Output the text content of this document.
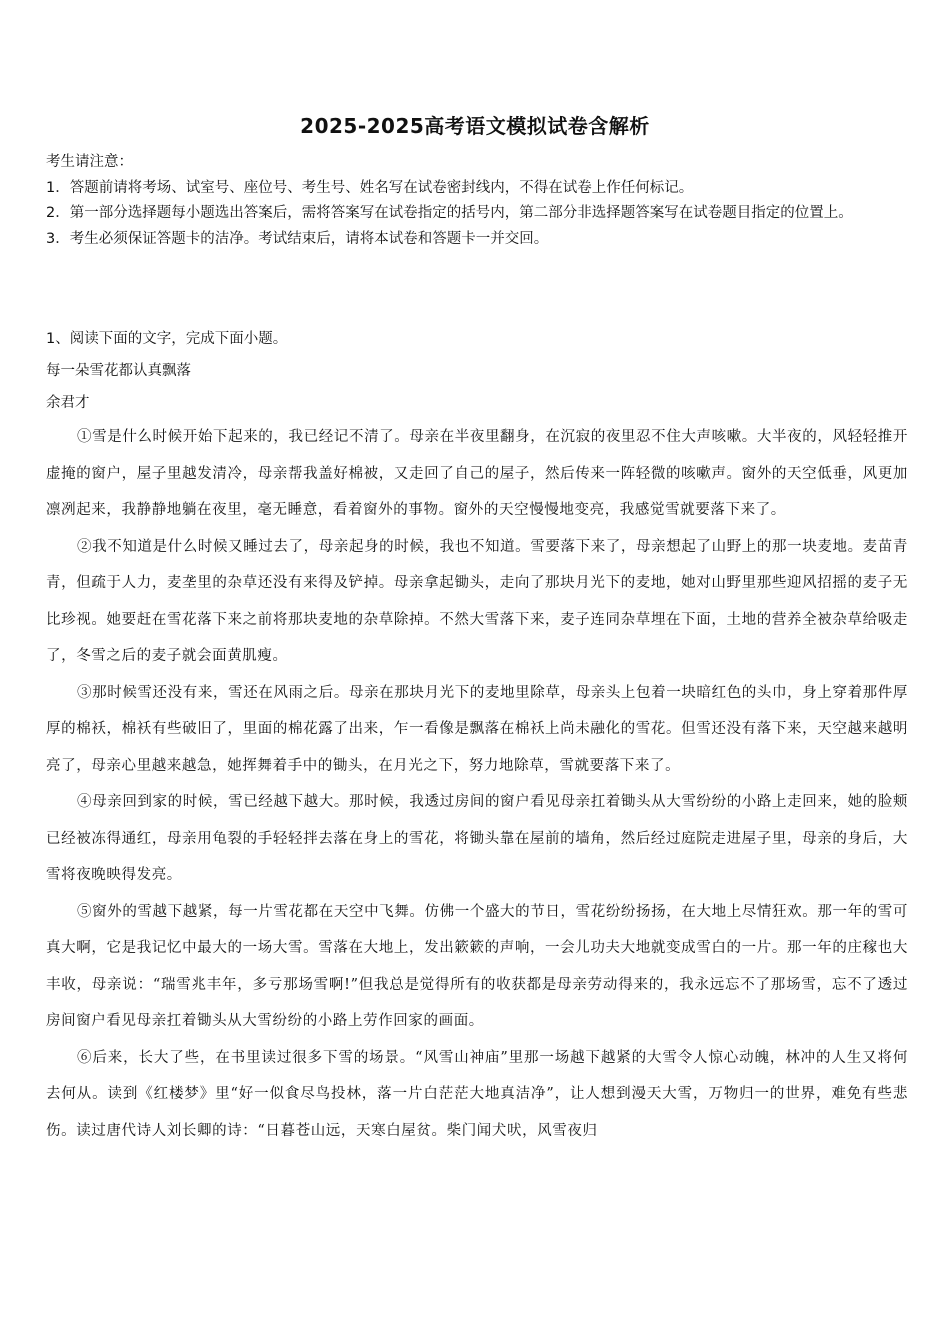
2025-2025高考语文模拟试卷含解析
考生请注意：
1．答题前请将考场、试室号、座位号、考生号、姓名写在试卷密封线内，不得在试卷上作任何标记。
2．第一部分选择题每小题选出答案后，需将答案写在试卷指定的括号内，第二部分非选择题答案写在试卷题目指定的位置上。
3．考生必须保证答题卡的洁净。考试结束后，请将本试卷和答题卡一并交回。
1、阅读下面的文字，完成下面小题。
每一朵雪花都认真飘落
余君才

①雪是什么时候开始下起来的，我已经记不清了。母亲在半夜里翻身，在沉寂的夜里忍不住大声咳嗽。大半夜的，风轻轻推开虚掩的窗户，屋子里越发清冷，母亲帮我盖好棉被，又走回了自己的屋子，然后传来一阵轻微的咳嗽声。窗外的天空低垂，风更加凛冽起来，我静静地躺在夜里，毫无睡意，看着窗外的事物。窗外的天空慢慢地变亮，我感觉雪就要落下来了。

②我不知道是什么时候又睡过去了，母亲起身的时候，我也不知道。雪要落下来了，母亲想起了山野上的那一块麦地。麦苗青青，但疏于人力，麦垄里的杂草还没有来得及铲掉。母亲拿起锄头，走向了那块月光下的麦地，她对山野里那些迎风招摇的麦子无比珍视。她要赶在雪花落下来之前将那块麦地的杂草除掉。不然大雪落下来，麦子连同杂草埋在下面，土地的营养全被杂草给吸走了，冬雪之后的麦子就会面黄肌瘦。

③那时候雪还没有来，雪还在风雨之后。母亲在那块月光下的麦地里除草，母亲头上包着一块暗红色的头巾，身上穿着那件厚厚的棉袄，棉袄有些破旧了，里面的棉花露了出来，乍一看像是飘落在棉袄上尚未融化的雪花。但雪还没有落下来，天空越来越明亮了，母亲心里越来越急，她挥舞着手中的锄头，在月光之下，努力地除草，雪就要落下来了。

④母亲回到家的时候，雪已经越下越大。那时候，我透过房间的窗户看见母亲扛着锄头从大雪纷纷的小路上走回来，她的脸颊已经被冻得通红，母亲用龟裂的手轻轻拌去落在身上的雪花，将锄头靠在屋前的墙角，然后经过庭院走进屋子里，母亲的身后，大雪将夜晚映得发亮。

⑤窗外的雪越下越紧，每一片雪花都在天空中飞舞。仿佛一个盛大的节日，雪花纷纷扬扬，在大地上尽情狂欢。那一年的雪可真大啊，它是我记忆中最大的一场大雪。雪落在大地上，发出簌簌的声响，一会儿功夫大地就变成雪白的一片。那一年的庄稼也大丰收，母亲说：“瑞雪兆丰年，多亏那场雪啊!”但我总是觉得所有的收获都是母亲劳动得来的，我永远忘不了那场雪，忘不了透过房间窗户看见母亲扛着锄头从大雪纷纷的小路上劳作回家的画面。

⑥后来，长大了些，在书里读过很多下雪的场景。“风雪山神庙”里那一场越下越紧的大雪令人惊心动魄，林冲的人生又将何去何从。读到《红楼梦》里“好一似食尽鸟投林，落一片白茫茫大地真洁净”，让人想到漫天大雪，万物归一的世界，难免有些悲伤。读过唐代诗人刘长卿的诗：“日暮苍山远，天寒白屋贫。柴门闻犬吠，风雪夜归
